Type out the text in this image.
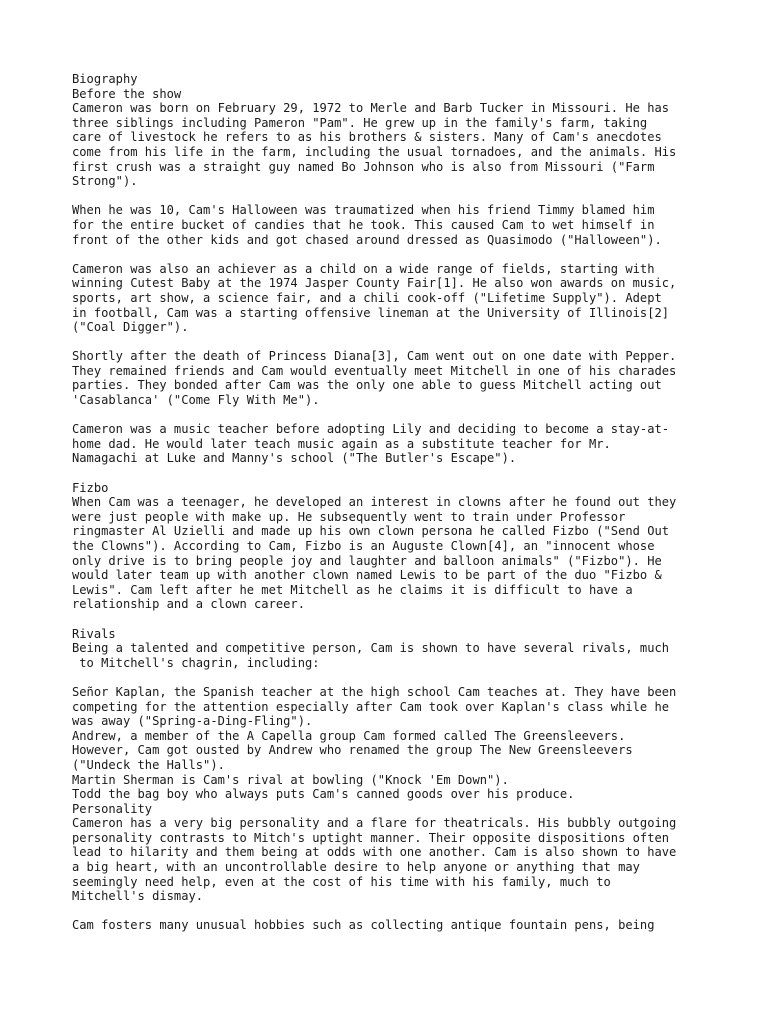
Biography
Before the show
Cameron was born on February 29, 1972 to Merle and Barb Tucker in Missouri. He has
three siblings including Pameron "Pam". He grew up in the family's farm, taking
care of livestock he refers to as his brothers & sisters. Many of Cam's anecdotes
come from his life in the farm, including the usual tornadoes, and the animals. His
first crush was a straight guy named Bo Johnson who is also from Missouri ("Farm
Strong").
When he was 10, Cam's Halloween was traumatized when his friend Timmy blamed him
for the entire bucket of candies that he took. This caused Cam to wet himself in
front of the other kids and got chased around dressed as Quasimodo ("Halloween").
Cameron was also an achiever as a child on a wide range of fields, starting with
winning Cutest Baby at the 1974 Jasper County Fair[1]. He also won awards on music,
sports, art show, a science fair, and a chili cook-off ("Lifetime Supply"). Adept
in football, Cam was a starting offensive lineman at the University of Illinois[2]
("Coal Digger").
Shortly after the death of Princess Diana[3], Cam went out on one date with Pepper.
They remained friends and Cam would eventually meet Mitchell in one of his charades
parties. They bonded after Cam was the only one able to guess Mitchell acting out
'Casablanca' ("Come Fly With Me").
Cameron was a music teacher before adopting Lily and deciding to become a stay-at-
home dad. He would later teach music again as a substitute teacher for Mr.
Namagachi at Luke and Manny's school ("The Butler's Escape").
Fizbo
When Cam was a teenager, he developed an interest in clowns after he found out they
were just people with make up. He subsequently went to train under Professor
ringmaster Al Uzielli and made up his own clown persona he called Fizbo ("Send Out
the Clowns"). According to Cam, Fizbo is an Auguste Clown[4], an "innocent whose
only drive is to bring people joy and laughter and balloon animals" ("Fizbo"). He
would later team up with another clown named Lewis to be part of the duo "Fizbo &
Lewis". Cam left after he met Mitchell as he claims it is difficult to have a
relationship and a clown career.
Rivals
Being a talented and competitive person, Cam is shown to have several rivals, much
to Mitchell's chagrin, including:
Señor Kaplan, the Spanish teacher at the high school Cam teaches at. They have been
competing for the attention especially after Cam took over Kaplan's class while he
was away ("Spring-a-Ding-Fling").
Andrew, a member of the A Capella group Cam formed called The Greensleevers.
However, Cam got ousted by Andrew who renamed the group The New Greensleevers
("Undeck the Halls").
Martin Sherman is Cam's rival at bowling ("Knock 'Em Down").
Todd the bag boy who always puts Cam's canned goods over his produce.
Personality
Cameron has a very big personality and a flare for theatricals. His bubbly outgoing
personality contrasts to Mitch's uptight manner. Their opposite dispositions often
lead to hilarity and them being at odds with one another. Cam is also shown to have
a big heart, with an uncontrollable desire to help anyone or anything that may
seemingly need help, even at the cost of his time with his family, much to
Mitchell's dismay.
Cam fosters many unusual hobbies such as collecting antique fountain pens, being
